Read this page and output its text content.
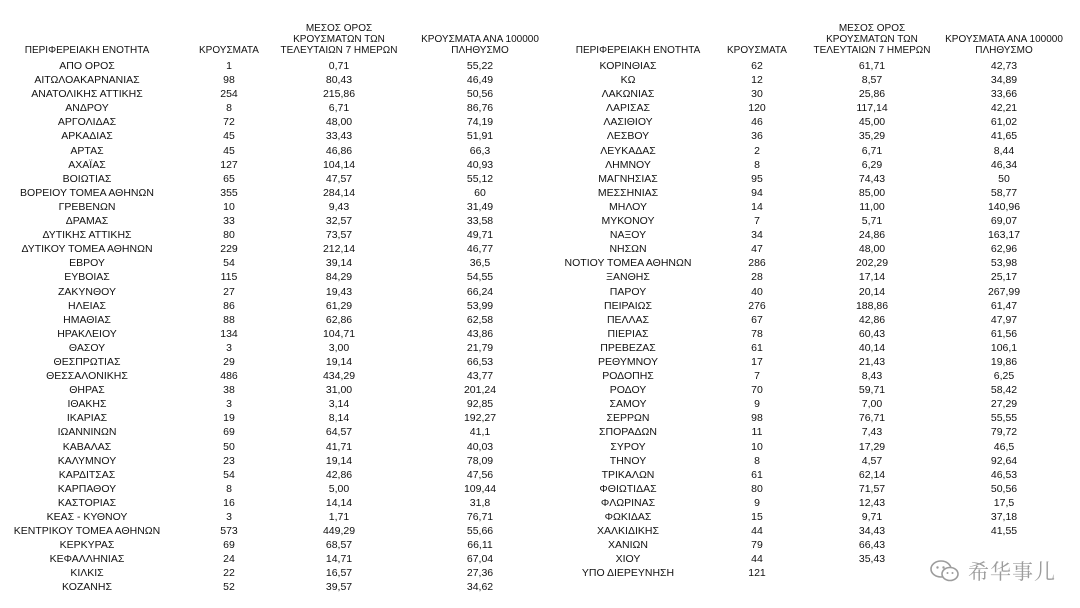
ΠΕΡΙΦΕΡΕΙΑΚΗ ΕΝΟΤΗΤΑ	ΚΡΟΥΣΜΑΤΑ
ΜΕΣΟΣ ΟΡΟΣ
ΚΡΟΥΣΜΑΤΩΝ ΤΩΝ
ΤΕΛΕΥΤΑΙΩΝ 7 ΗΜΕΡΩΝ
ΚΡΟΥΣΜΑΤΑ ΑΝΑ 100000
ΠΛΗΘΥΣΜΟ
ΑΠΟ ΟΡΟΣ	1	0,71	55,22
ΑΙΤΩΛΟΑΚΑΡΝΑΝΙΑΣ	98	80,43	46,49
ΑΝΑΤΟΛΙΚΗΣ ΑΤΤΙΚΗΣ	254	215,86	50,56
ΑΝΔΡΟΥ	8	6,71	86,76
ΑΡΓΟΛΙΔΑΣ	72	48,00	74,19
ΑΡΚΑΔΙΑΣ	45	33,43	51,91
ΑΡΤΑΣ	45	46,86	66,3
ΑΧΑΪΑΣ	127	104,14	40,93
ΒΟΙΩΤΙΑΣ	65	47,57	55,12
ΒΟΡΕΙΟΥ ΤΟΜΕΑ ΑΘΗΝΩΝ	355	284,14	60
ΓΡΕΒΕΝΩΝ	10	9,43	31,49
ΔΡΑΜΑΣ	33	32,57	33,58
ΔΥΤΙΚΗΣ ΑΤΤΙΚΗΣ	80	73,57	49,71
ΔΥΤΙΚΟΥ ΤΟΜΕΑ ΑΘΗΝΩΝ	229	212,14	46,77
ΕΒΡΟΥ	54	39,14	36,5
ΕΥΒΟΙΑΣ	115	84,29	54,55
ΖΑΚΥΝΘΟΥ	27	19,43	66,24
ΗΛΕΙΑΣ	86	61,29	53,99
ΗΜΑΘΙΑΣ	88	62,86	62,58
ΗΡΑΚΛΕΙΟΥ	134	104,71	43,86
ΘΑΣΟΥ	3	3,00	21,79
ΘΕΣΠΡΩΤΙΑΣ	29	19,14	66,53
ΘΕΣΣΑΛΟΝΙΚΗΣ	486	434,29	43,77
ΘΗΡΑΣ	38	31,00	201,24
ΙΘΑΚΗΣ	3	3,14	92,85
ΙΚΑΡΙΑΣ	19	8,14	192,27
ΙΩΑΝΝΙΝΩΝ	69	64,57	41,1
ΚΑΒΑΛΑΣ	50	41,71	40,03
ΚΑΛΥΜΝΟΥ	23	19,14	78,09
ΚΑΡΔΙΤΣΑΣ	54	42,86	47,56
ΚΑΡΠΑΘΟΥ	8	5,00	109,44
ΚΑΣΤΟΡΙΑΣ	16	14,14	31,8
ΚΕΑΣ - ΚΥΘΝΟΥ	3	1,71	76,71
ΚΕΝΤΡΙΚΟΥ ΤΟΜΕΑ ΑΘΗΝΩΝ	573	449,29	55,66
ΚΕΡΚΥΡΑΣ	69	68,57	66,11
ΚΕΦΑΛΛΗΝΙΑΣ	24	14,71	67,04
ΚΙΛΚΙΣ	22	16,57	27,36
ΚΟΖΑΝΗΣ	52	39,57	34,62
ΠΕΡΙΦΕΡΕΙΑΚΗ ΕΝΟΤΗΤΑ	ΚΡΟΥΣΜΑΤΑ
ΜΕΣΟΣ ΟΡΟΣ
ΚΡΟΥΣΜΑΤΩΝ ΤΩΝ
ΤΕΛΕΥΤΑΙΩΝ 7 ΗΜΕΡΩΝ
ΚΡΟΥΣΜΑΤΑ ΑΝΑ 100000
ΠΛΗΘΥΣΜΟ
ΚΟΡΙΝΘΙΑΣ	62	61,71	42,73
ΚΩ	12	8,57	34,89
ΛΑΚΩΝΙΑΣ	30	25,86	33,66
ΛΑΡΙΣΑΣ	120	117,14	42,21
ΛΑΣΙΘΙΟΥ	46	45,00	61,02
ΛΕΣΒΟΥ	36	35,29	41,65
ΛΕΥΚΑΔΑΣ	2	6,71	8,44
ΛΗΜΝΟΥ	8	6,29	46,34
ΜΑΓΝΗΣΙΑΣ	95	74,43	50
ΜΕΣΣΗΝΙΑΣ	94	85,00	58,77
ΜΗΛΟΥ	14	11,00	140,96
ΜΥΚΟΝΟΥ	7	5,71	69,07
ΝΑΞΟΥ	34	24,86	163,17
ΝΗΣΩΝ	47	48,00	62,96
ΝΟΤΙΟΥ ΤΟΜΕΑ ΑΘΗΝΩΝ	286	202,29	53,98
ΞΑΝΘΗΣ	28	17,14	25,17
ΠΑΡΟΥ	40	20,14	267,99
ΠΕΙΡΑΙΩΣ	276	188,86	61,47
ΠΕΛΛΑΣ	67	42,86	47,97
ΠΙΕΡΙΑΣ	78	60,43	61,56
ΠΡΕΒΕΖΑΣ	61	40,14	106,1
ΡΕΘΥΜΝΟΥ	17	21,43	19,86
ΡΟΔΟΠΗΣ	7	8,43	6,25
ΡΟΔΟΥ	70	59,71	58,42
ΣΑΜΟΥ	9	7,00	27,29
ΣΕΡΡΩΝ	98	76,71	55,55
ΣΠΟΡΑΔΩΝ	11	7,43	79,72
ΣΥΡΟΥ	10	17,29	46,5
ΤΗΝΟΥ	8	4,57	92,64
ΤΡΙΚΑΛΩΝ	61	62,14	46,53
ΦΘΙΩΤΙΔΑΣ	80	71,57	50,56
ΦΛΩΡΙΝΑΣ	9	12,43	17,5
ΦΩΚΙΔΑΣ	15	9,71	37,18
ΧΑΛΚΙΔΙΚΗΣ	44	34,43	41,55
ΧΑΝΙΩΝ	79	66,43
ΧΙΟΥ	44	35,43
ΥΠΟ ΔΙΕΡΕΥΝΗΣΗ	121	希华事儿
